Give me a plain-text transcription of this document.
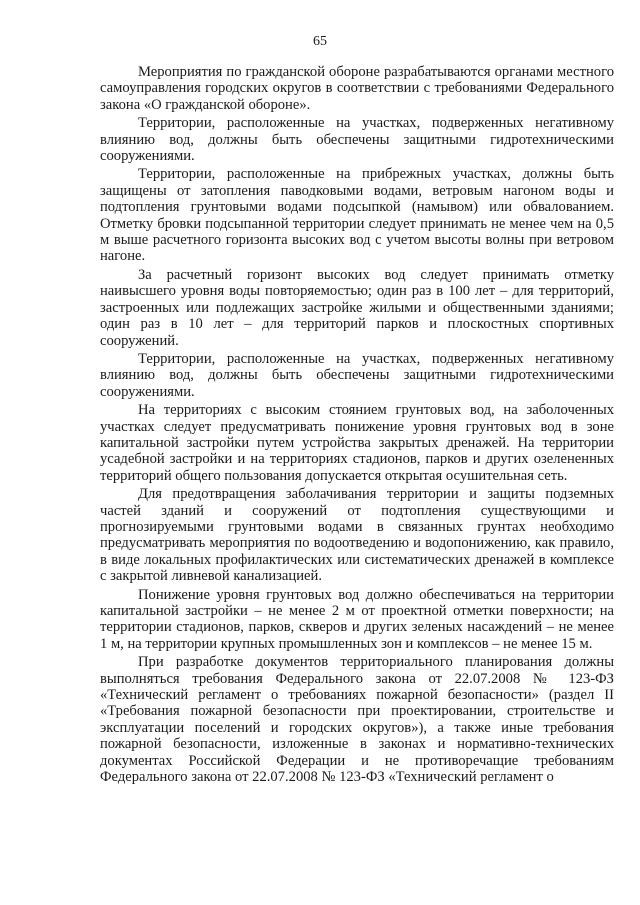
65

Мероприятия по гражданской обороне разрабатываются органами местного самоуправления городских округов в соответствии с требованиями Федерального закона «О гражданской обороне».

Территории, расположенные на участках, подверженных негативному влиянию вод, должны быть обеспечены защитными гидротехническими сооружениями.

Территории, расположенные на прибрежных участках, должны быть защищены от затопления паводковыми водами, ветровым нагоном воды и подтопления грунтовыми водами подсыпкой (намывом) или обвалованием. Отметку бровки подсыпанной территории следует принимать не менее чем на 0,5 м выше расчетного горизонта высоких вод с учетом высоты волны при ветровом нагоне.

За расчетный горизонт высоких вод следует принимать отметку наивысшего уровня воды повторяемостью; один раз в 100 лет – для территорий, застроенных или подлежащих застройке жилыми и общественными зданиями; один раз в 10 лет – для территорий парков и плоскостных спортивных сооружений.

Территории, расположенные на участках, подверженных негативному влиянию вод, должны быть обеспечены защитными гидротехническими сооружениями.

На территориях с высоким стоянием грунтовых вод, на заболоченных участках следует предусматривать понижение уровня грунтовых вод в зоне капитальной застройки путем устройства закрытых дренажей. На территории усадебной застройки и на территориях стадионов, парков и других озелененных территорий общего пользования допускается открытая осушительная сеть.

Для предотвращения заболачивания территории и защиты подземных частей зданий и сооружений от подтопления существующими и прогнозируемыми грунтовыми водами в связанных грунтах необходимо предусматривать мероприятия по водоотведению и водопонижению, как правило, в виде локальных профилактических или систематических дренажей в комплексе с закрытой ливневой канализацией.

Понижение уровня грунтовых вод должно обеспечиваться на территории капитальной застройки – не менее 2 м от проектной отметки поверхности; на территории стадионов, парков, скверов и других зеленых насаждений – не менее 1 м, на территории крупных промышленных зон и комплексов – не менее 15 м.

При разработке документов территориального планирования должны выполняться требования Федерального закона от 22.07.2008 № 123-ФЗ «Технический регламент о требованиях пожарной безопасности» (раздел II «Требования пожарной безопасности при проектировании, строительстве и эксплуатации поселений и городских округов»), а также иные требования пожарной безопасности, изложенные в законах и нормативно-технических документах Российской Федерации и не противоречащие требованиям Федерального закона от 22.07.2008 № 123-ФЗ «Технический регламент о
